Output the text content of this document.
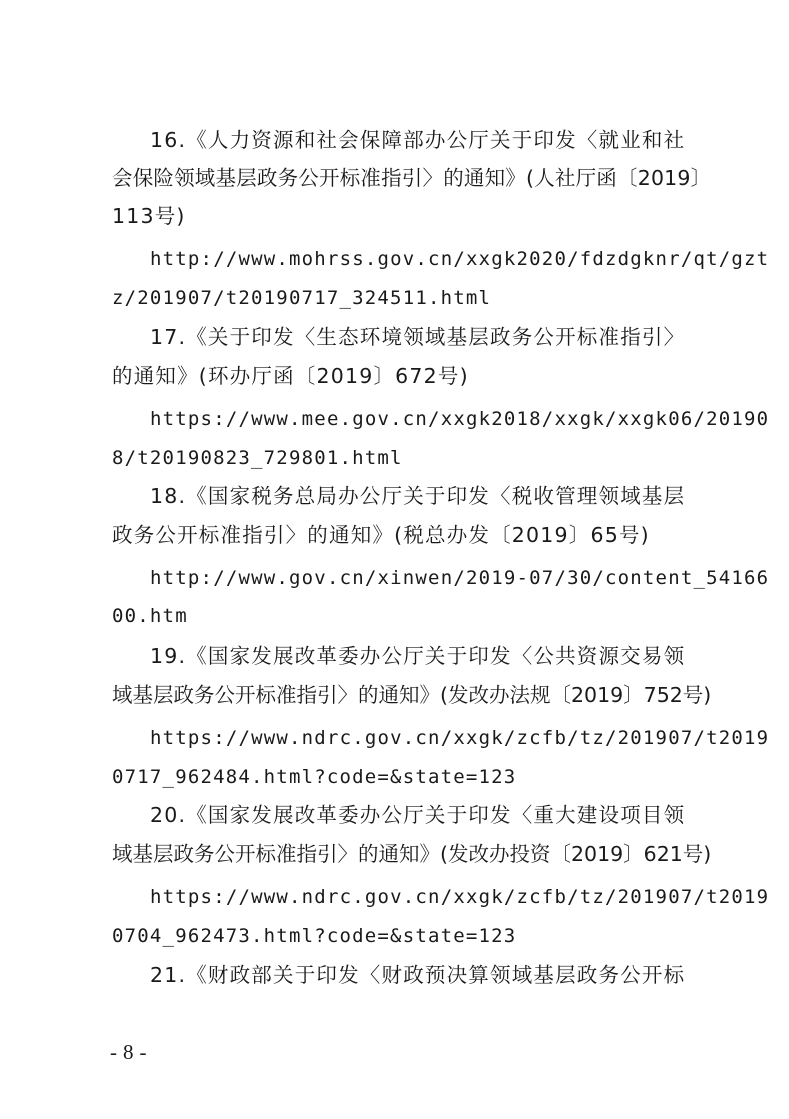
16.《人力资源和社会保障部办公厅关于印发〈就业和社
会保险领域基层政务公开标准指引〉的通知》(人社厅函〔2019〕
113号)
http://www.mohrss.gov.cn/xxgk2020/fdzdgknr/qt/gzt
z/201907/t20190717_324511.html
17.《关于印发〈生态环境领域基层政务公开标准指引〉
的通知》(环办厅函〔2019〕672号)
https://www.mee.gov.cn/xxgk2018/xxgk/xxgk06/20190
8/t20190823_729801.html
18.《国家税务总局办公厅关于印发〈税收管理领域基层
政务公开标准指引〉的通知》(税总办发〔2019〕65号)
http://www.gov.cn/xinwen/2019-07/30/content_54166
00.htm
19.《国家发展改革委办公厅关于印发〈公共资源交易领
域基层政务公开标准指引〉的通知》(发改办法规〔2019〕752号)
https://www.ndrc.gov.cn/xxgk/zcfb/tz/201907/t2019
0717_962484.html?code=&state=123
20.《国家发展改革委办公厅关于印发〈重大建设项目领
域基层政务公开标准指引〉的通知》(发改办投资〔2019〕621号)
https://www.ndrc.gov.cn/xxgk/zcfb/tz/201907/t2019
0704_962473.html?code=&state=123
21.《财政部关于印发〈财政预决算领域基层政务公开标
-8-
